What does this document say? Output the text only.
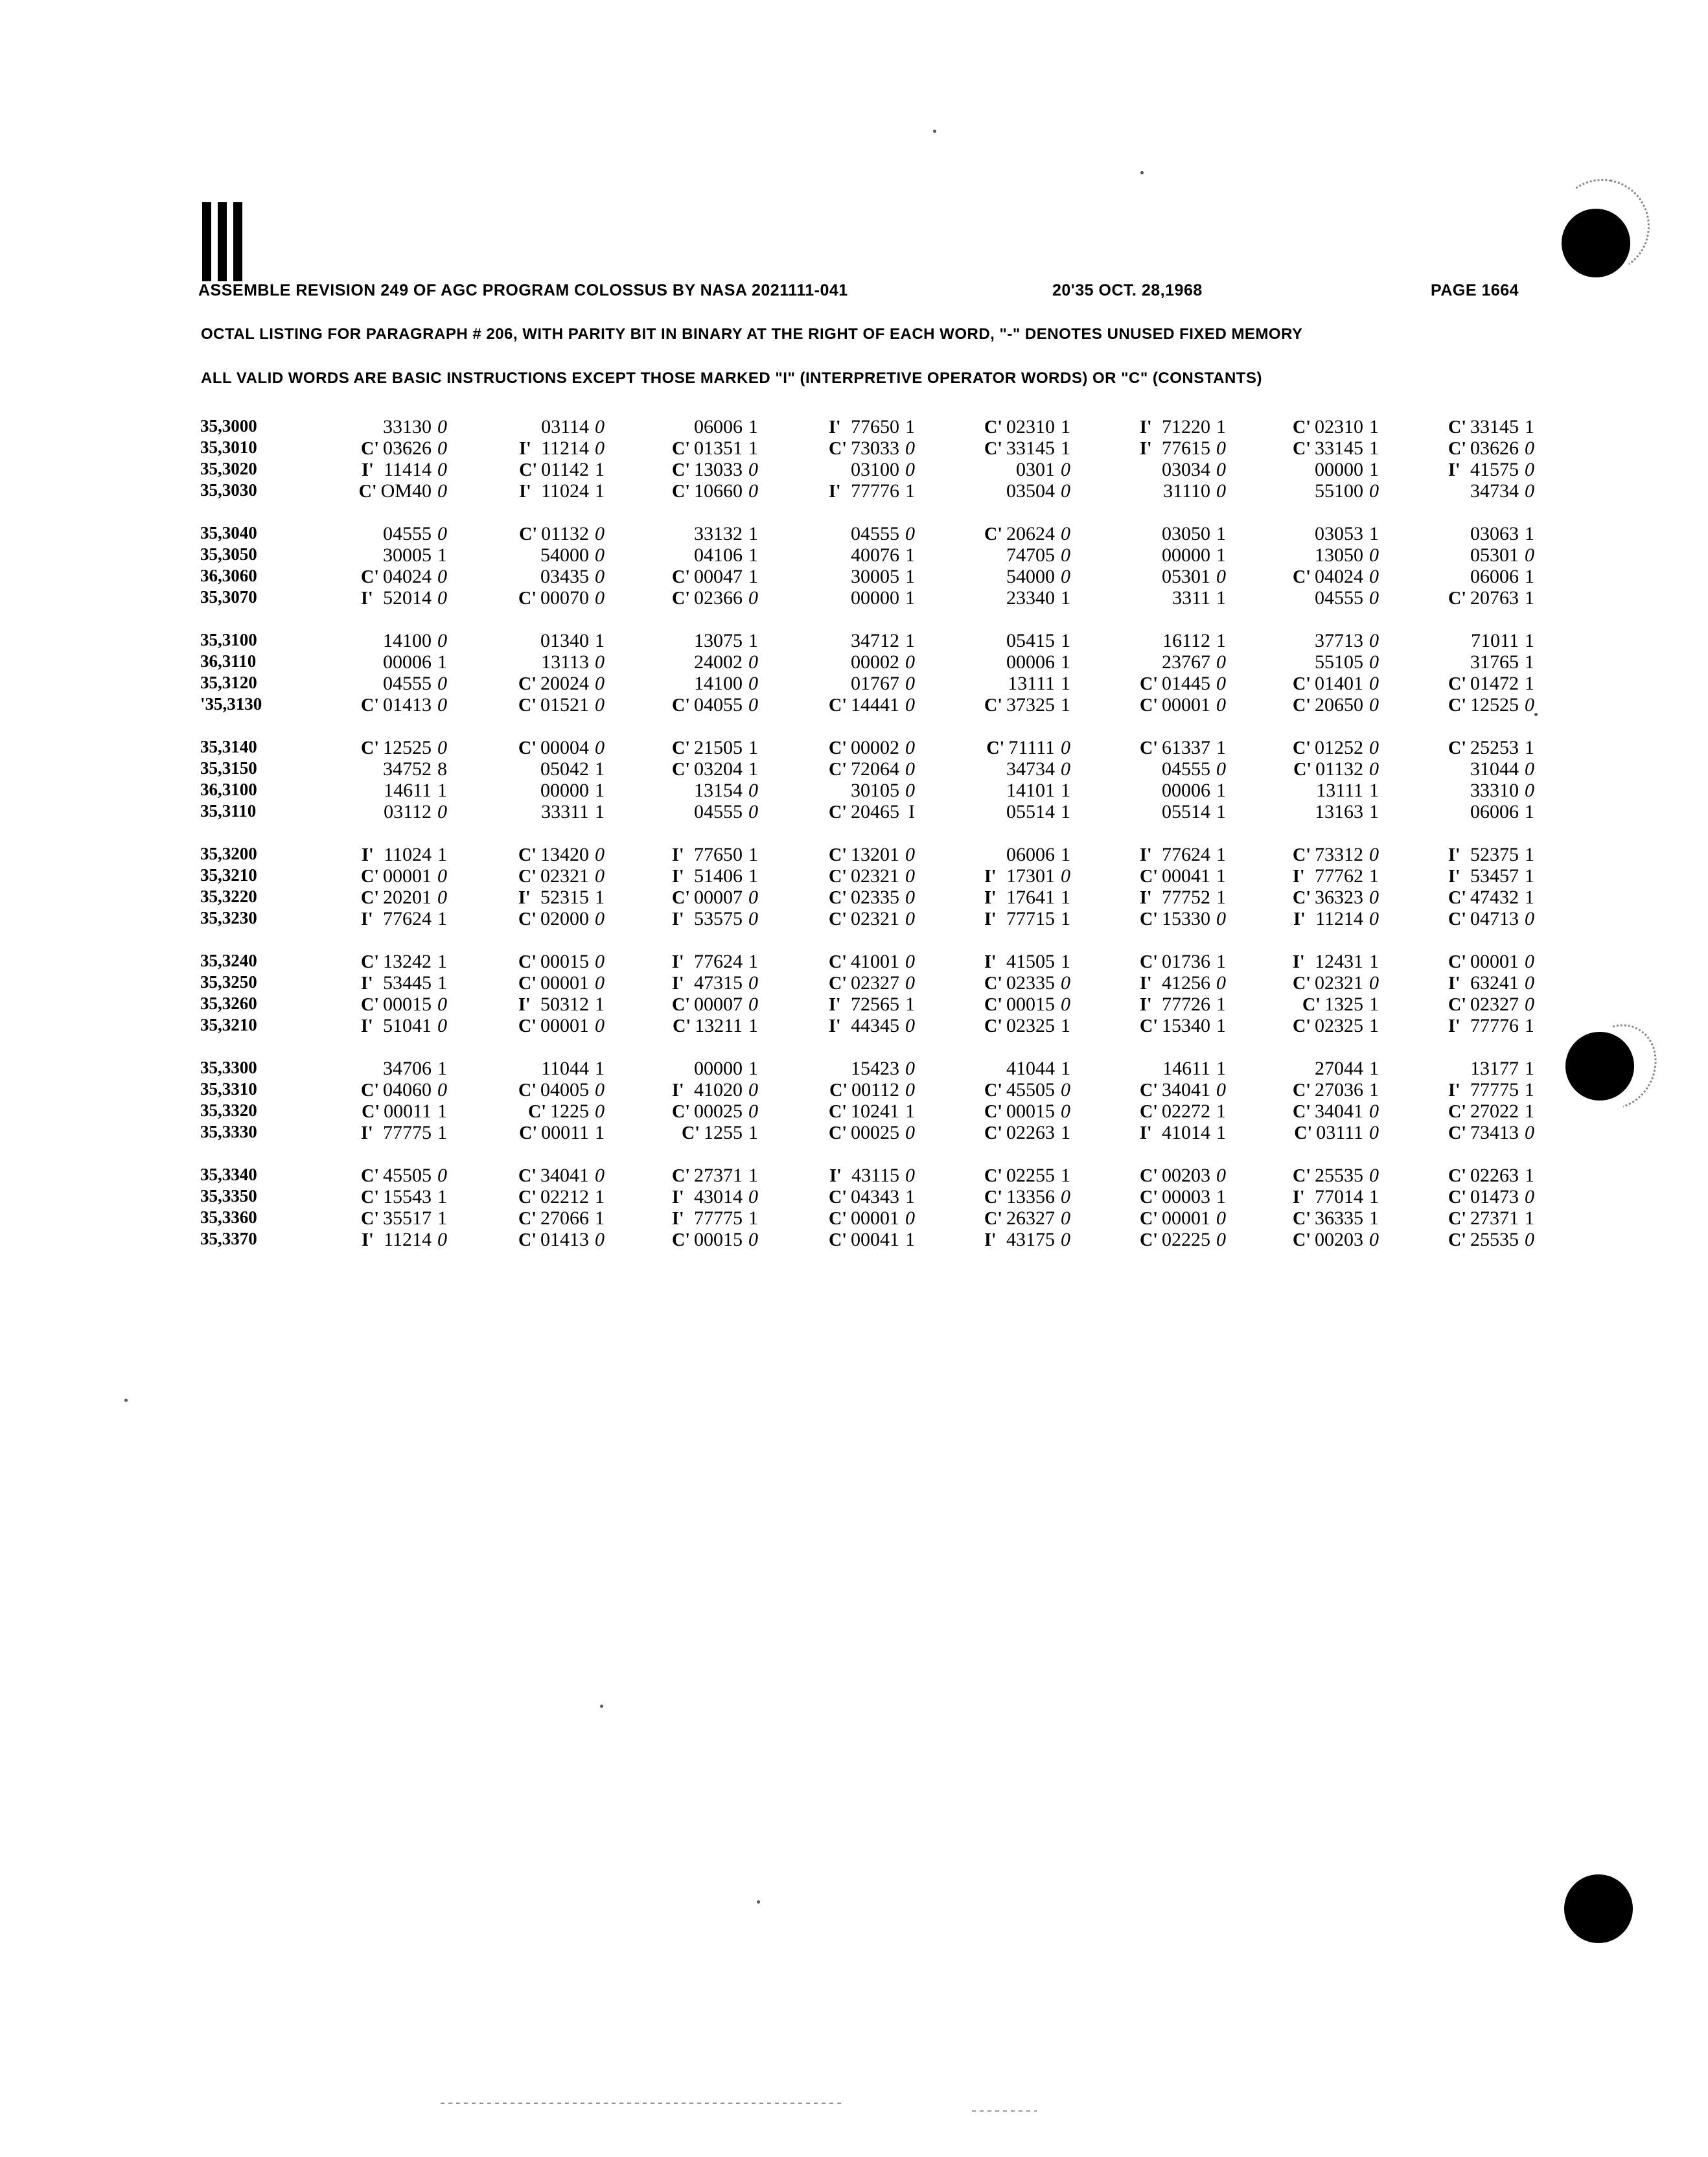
ASSEMBLE REVISION 249 OF AGC PROGRAM COLOSSUS BY NASA 2021111-041	20'35 OCT. 28,1968	PAGE 1664
OCTAL LISTING FOR PARAGRAPH # 206, WITH PARITY BIT IN BINARY AT THE RIGHT OF EACH WORD, "-" DENOTES UNUSED FIXED MEMORY
ALL VALID WORDS ARE BASIC INSTRUCTIONS EXCEPT THOSE MARKED "I" (INTERPRETIVE OPERATOR WORDS) OR "C" (CONSTANTS)
35,3000	33130 0	03114 0	06006 1	I' 77650 1	C' 02310 1	I' 71220 1	C' 02310 1	C' 33145 1
35,3010	C' 03626 0	I' 11214 0	C' 01351 1	C' 73033 0	C' 33145 1	I' 77615 0	C' 33145 1	C' 03626 0
35,3020	I' 11414 0	C' 01142 1	C' 13033 0	03100 0	0301 0	03034 0	00000 1	I' 41575 0
35,3030	C' OM40 0	I' 11024 1	C' 10660 0	I' 77776 1	03504 0	31110 0	55100 0	34734 0
35,3040	04555 0	C' 01132 0	33132 1	04555 0	C' 20624 0	03050 1	03053 1	03063 1
35,3050	30005 1	54000 0	04106 1	40076 1	74705 0	00000 1	13050 0	05301 0
36,3060	C' 04024 0	03435 0	C' 00047 1	30005 1	54000 0	05301 0	C' 04024 0	06006 1
35,3070	I' 52014 0	C' 00070 0	C' 02366 0	00000 1	23340 1	3311 1	04555 0	C' 20763 1
35,3100	14100 0	01340 1	13075 1	34712 1	05415 1	16112 1	37713 0	71011 1
36,3110	00006 1	13113 0	24002 0	00002 0	00006 1	23767 0	55105 0	31765 1
35,3120	04555 0	C' 20024 0	14100 0	01767 0	13111 1	C' 01445 0	C' 01401 0	C' 01472 1
'35,3130	C' 01413 0	C' 01521 0	C' 04055 0	C' 14441 0	C' 37325 1	C' 00001 0	C' 20650 0	C' 12525 0
35,3140	C' 12525 0	C' 00004 0	C' 21505 1	C' 00002 0	C' 71111 0	C' 61337 1	C' 01252 0	C' 25253 1
35,3150	34752 8	05042 1	C' 03204 1	C' 72064 0	34734 0	04555 0	C' 01132 0	31044 0
36,3100	14611 1	00000 1	13154 0	30105 0	14101 1	00006 1	13111 1	33310 0
35,3110	03112 0	33311 1	04555 0	C' 20465 I	05514 1	05514 1	13163 1	06006 1
35,3200	I' 11024 1	C' 13420 0	I' 77650 1	C' 13201 0	06006 1	I' 77624 1	C' 73312 0	I' 52375 1
35,3210	C' 00001 0	C' 02321 0	I' 51406 1	C' 02321 0	I' 17301 0	C' 00041 1	I' 77762 1	I' 53457 1
35,3220	C' 20201 0	I' 52315 1	C' 00007 0	C' 02335 0	I' 17641 1	I' 77752 1	C' 36323 0	C' 47432 1
35,3230	I' 77624 1	C' 02000 0	I' 53575 0	C' 02321 0	I' 77715 1	C' 15330 0	I' 11214 0	C' 04713 0
35,3240	C' 13242 1	C' 00015 0	I' 77624 1	C' 41001 0	I' 41505 1	C' 01736 1	I' 12431 1	C' 00001 0
35,3250	I' 53445 1	C' 00001 0	I' 47315 0	C' 02327 0	C' 02335 0	I' 41256 0	C' 02321 0	I' 63241 0
35,3260	C' 00015 0	I' 50312 1	C' 00007 0	I' 72565 1	C' 00015 0	I' 77726 1	C' 1325 1	C' 02327 0
35,3210	I' 51041 0	C' 00001 0	C' 13211 1	I' 44345 0	C' 02325 1	C' 15340 1	C' 02325 1	I' 77776 1
35,3300	34706 1	11044 1	00000 1	15423 0	41044 1	14611 1	27044 1	13177 1
35,3310	C' 04060 0	C' 04005 0	I' 41020 0	C' 00112 0	C' 45505 0	C' 34041 0	C' 27036 1	I' 77775 1
35,3320	C' 00011 1	C' 1225 0	C' 00025 0	C' 10241 1	C' 00015 0	C' 02272 1	C' 34041 0	C' 27022 1
35,3330	I' 77775 1	C' 00011 1	C' 1255 1	C' 00025 0	C' 02263 1	I' 41014 1	C' 03111 0	C' 73413 0
35,3340	C' 45505 0	C' 34041 0	C' 27371 1	I' 43115 0	C' 02255 1	C' 00203 0	C' 25535 0	C' 02263 1
35,3350	C' 15543 1	C' 02212 1	I' 43014 0	C' 04343 1	C' 13356 0	C' 00003 1	I' 77014 1	C' 01473 0
35,3360	C' 35517 1	C' 27066 1	I' 77775 1	C' 00001 0	C' 26327 0	C' 00001 0	C' 36335 1	C' 27371 1
35,3370	I' 11214 0	C' 01413 0	C' 00015 0	C' 00041 1	I' 43175 0	C' 02225 0	C' 00203 0	C' 25535 0
